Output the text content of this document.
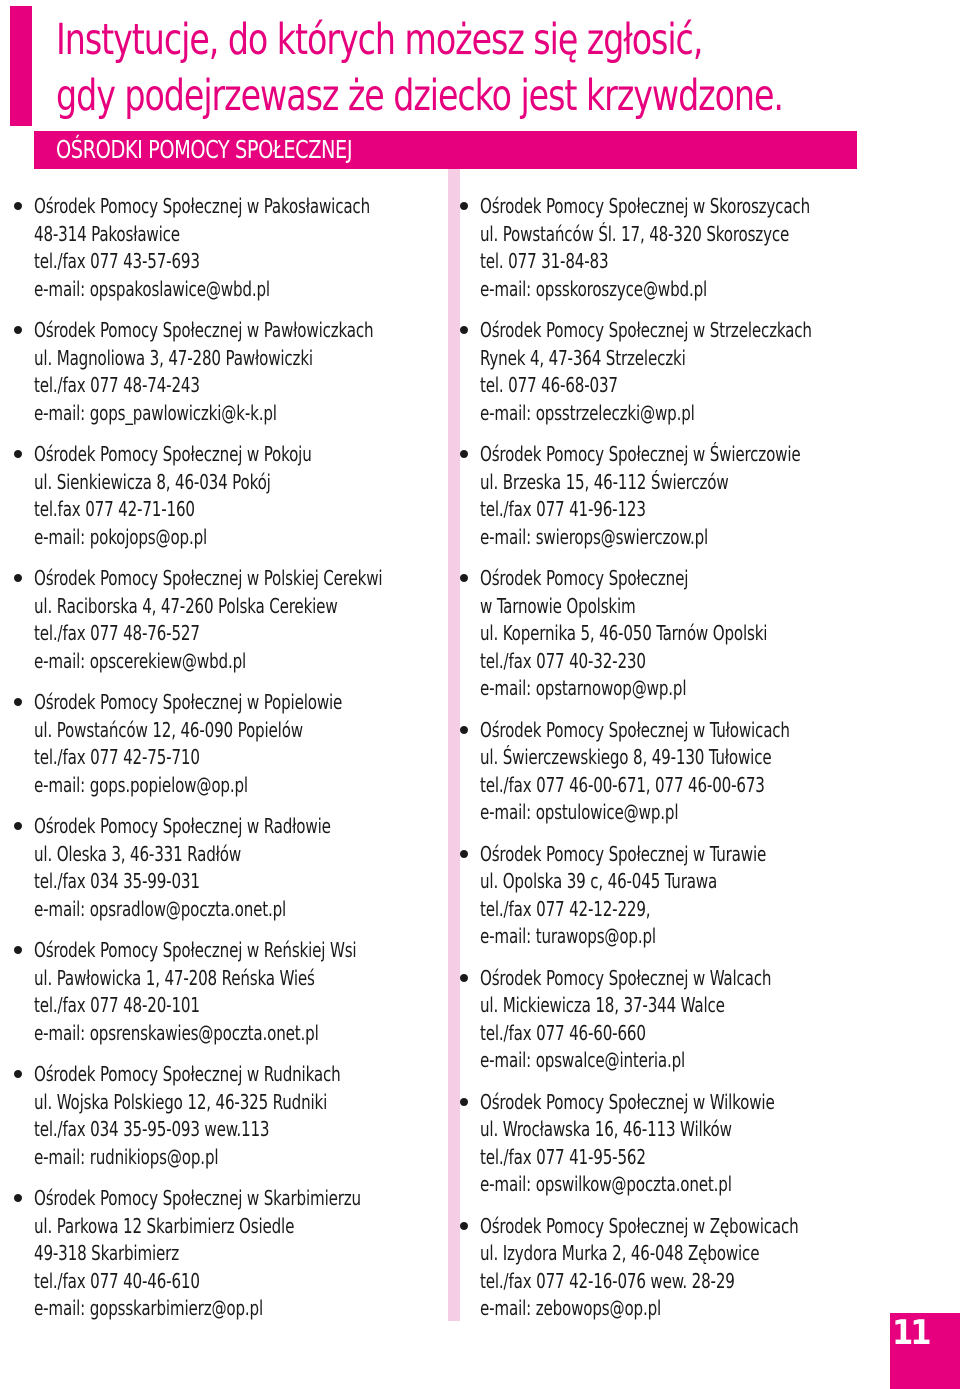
Instytucje, do których możesz się zgłosić,
gdy podejrzewasz że dziecko jest krzywdzone.
OŚRODKI POMOCY SPOŁECZNEJ
Ośrodek Pomocy Społecznej w Pakosławicach
48-314 Pakosławice
tel./fax 077 43-57-693
e-mail: opspakoslawice@wbd.pl
Ośrodek Pomocy Społecznej w Pawłowiczkach
ul. Magnoliowa 3, 47-280 Pawłowiczki
tel./fax 077 48-74-243
e-mail: gops_pawlowiczki@k-k.pl
Ośrodek Pomocy Społecznej w Pokoju
ul. Sienkiewicza 8, 46-034 Pokój
tel.fax 077 42-71-160
e-mail: pokojops@op.pl
Ośrodek Pomocy Społecznej w Polskiej Cerekwi
ul. Raciborska 4, 47-260 Polska Cerekiew
tel./fax 077 48-76-527
e-mail: opscerekiew@wbd.pl
Ośrodek Pomocy Społecznej w Popielowie
ul. Powstańców 12, 46-090 Popielów
tel./fax 077 42-75-710
e-mail: gops.popielow@op.pl
Ośrodek Pomocy Społecznej w Radłowie
ul. Oleska 3, 46-331 Radłów
tel./fax 034 35-99-031
e-mail: opsradlow@poczta.onet.pl
Ośrodek Pomocy Społecznej w Reńskiej Wsi
ul. Pawłowicka 1, 47-208 Reńska Wieś
tel./fax 077 48-20-101
e-mail: opsrenskawies@poczta.onet.pl
Ośrodek Pomocy Społecznej w Rudnikach
ul. Wojska Polskiego 12, 46-325 Rudniki
tel./fax 034 35-95-093 wew.113
e-mail: rudnikiops@op.pl
Ośrodek Pomocy Społecznej w Skarbimierzu
ul. Parkowa 12 Skarbimierz Osiedle
49-318 Skarbimierz
tel./fax 077 40-46-610
e-mail: gopsskarbimierz@op.pl
Ośrodek Pomocy Społecznej w Skoroszycach
ul. Powstańców Śl. 17, 48-320 Skoroszyce
tel. 077 31-84-83
e-mail: opsskoroszyce@wbd.pl
Ośrodek Pomocy Społecznej w Strzeleczkach
Rynek 4, 47-364 Strzeleczki
tel. 077 46-68-037
e-mail: opsstrzeleczki@wp.pl
Ośrodek Pomocy Społecznej w Świerczowie
ul. Brzeska 15, 46-112 Świerczów
tel./fax 077 41-96-123
e-mail: swierops@swierczow.pl
Ośrodek Pomocy Społecznej
w Tarnowie Opolskim
ul. Kopernika 5, 46-050 Tarnów Opolski
tel./fax 077 40-32-230
e-mail: opstarnowop@wp.pl
Ośrodek Pomocy Społecznej w Tułowicach
ul. Świerczewskiego 8, 49-130 Tułowice
tel./fax 077 46-00-671, 077 46-00-673
e-mail: opstulowice@wp.pl
Ośrodek Pomocy Społecznej w Turawie
ul. Opolska 39 c, 46-045 Turawa
tel./fax 077 42-12-229,
e-mail: turawops@op.pl
Ośrodek Pomocy Społecznej w Walcach
ul. Mickiewicza 18, 37-344 Walce
tel./fax 077 46-60-660
e-mail: opswalce@interia.pl
Ośrodek Pomocy Społecznej w Wilkowie
ul. Wrocławska 16, 46-113 Wilków
tel./fax 077 41-95-562
e-mail: opswilkow@poczta.onet.pl
Ośrodek Pomocy Społecznej w Zębowicach
ul. Izydora Murka 2, 46-048 Zębowice
tel./fax 077 42-16-076 wew. 28-29
e-mail: zebowops@op.pl
11
